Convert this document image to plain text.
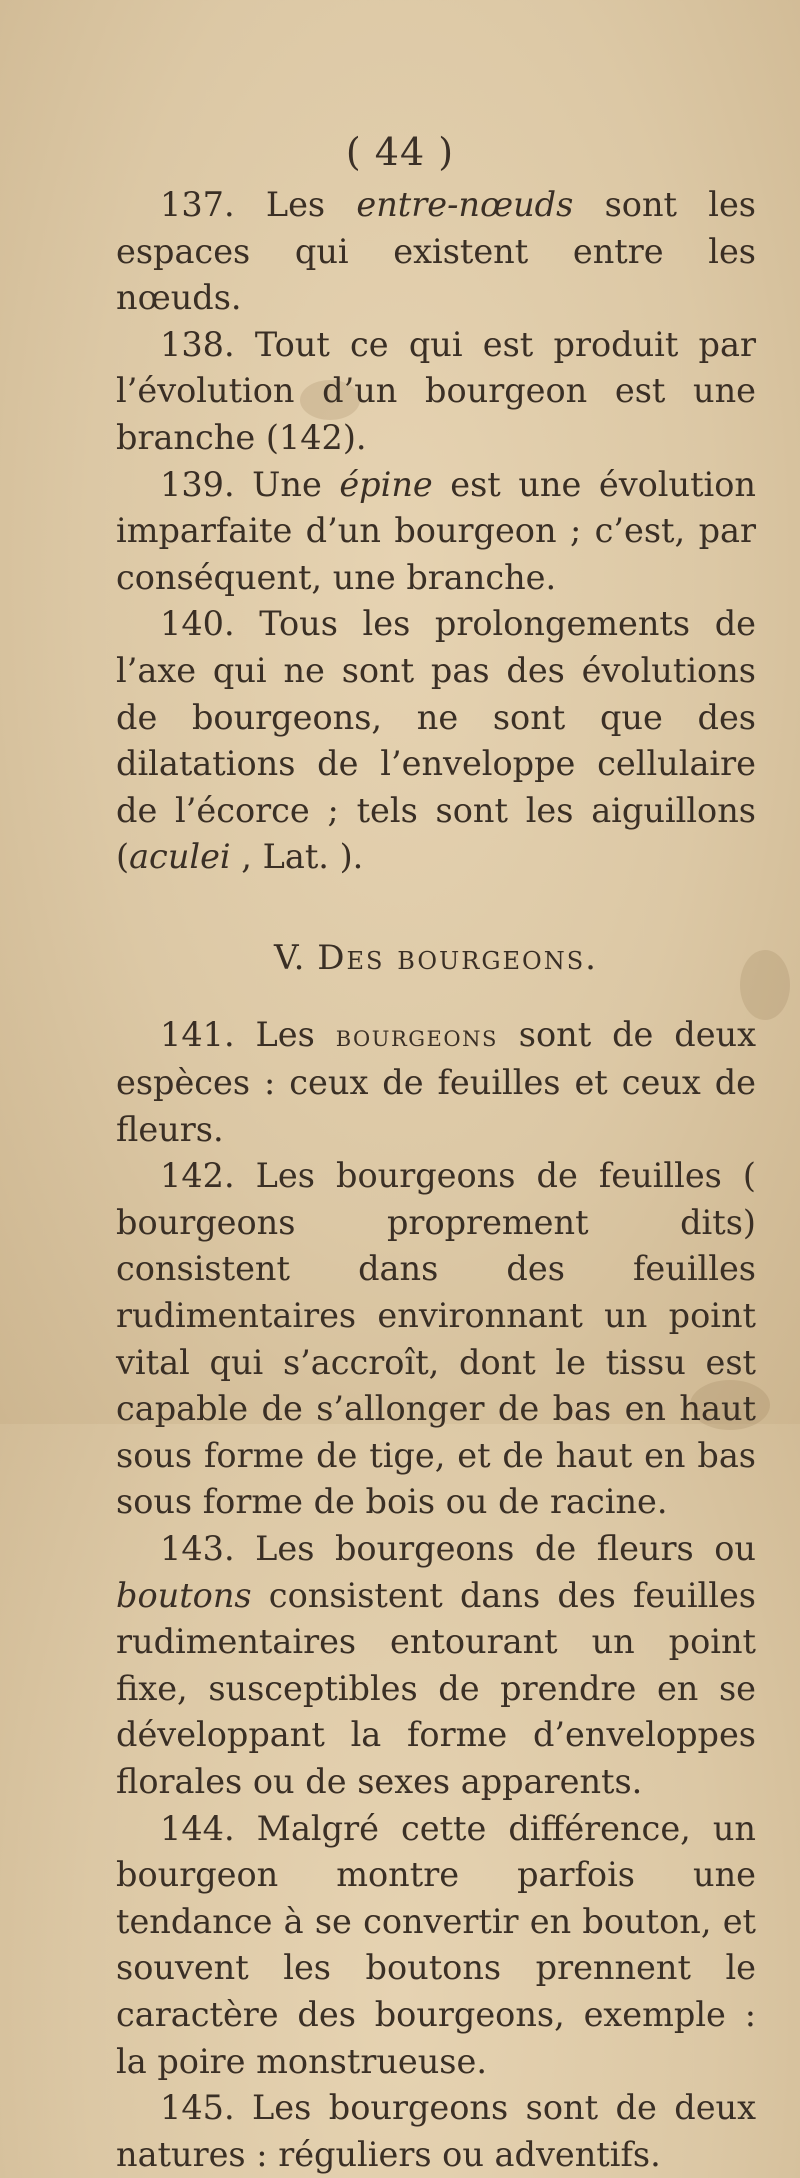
( 44 )

137. Les entre-nœuds sont les espaces qui existent entre les nœuds.

138. Tout ce qui est produit par l’évolution d’un bourgeon est une branche (142).

139. Une épine est une évolution imparfaite d’un bourgeon ; c’est, par conséquent, une branche.

140. Tous les prolongements de l’axe qui ne sont pas des évolutions de bourgeons, ne sont que des dilatations de l’enveloppe cellulaire de l’écorce ; tels sont les aiguillons (aculei , Lat. ).

V. Des bourgeons.

141. Les bourgeons sont de deux espèces : ceux de feuilles et ceux de fleurs.

142. Les bourgeons de feuilles ( bourgeons proprement dits) consistent dans des feuilles rudimentaires environnant un point vital qui s’accroît, dont le tissu est capable de s’allonger de bas en haut sous forme de tige, et de haut en bas sous forme de bois ou de racine.

143. Les bourgeons de fleurs ou boutons consistent dans des feuilles rudimentaires entourant un point fixe, susceptibles de prendre en se développant la forme d’enveloppes florales ou de sexes apparents.

144. Malgré cette différence, un bourgeon montre parfois une tendance à se convertir en bouton, et souvent les boutons prennent le caractère des bourgeons, exemple : la poire monstrueuse.

145. Les bourgeons sont de deux natures : réguliers ou adventifs.
